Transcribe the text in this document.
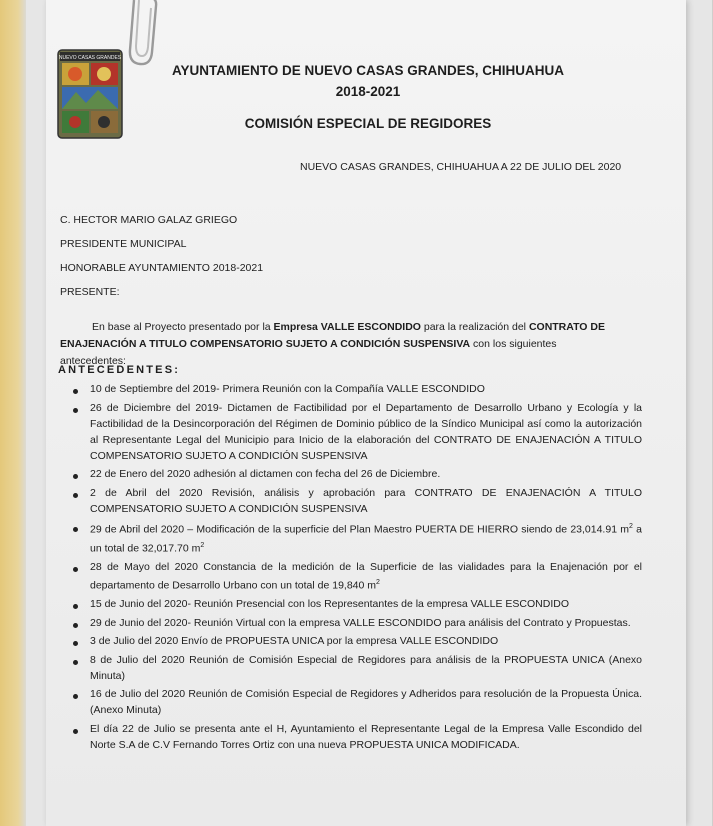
NUEVO CASAS GRANDES
AYUNTAMIENTO DE NUEVO CASAS GRANDES, CHIHUAHUA
2018-2021
COMISIÓN ESPECIAL DE REGIDORES
NUEVO CASAS GRANDES, CHIHUAHUA A 22 DE JULIO DEL 2020
C. HECTOR MARIO GALAZ GRIEGO
PRESIDENTE MUNICIPAL
HONORABLE AYUNTAMIENTO 2018-2021
PRESENTE:
En base al Proyecto presentado por la Empresa VALLE ESCONDIDO para la realización del CONTRATO DE ENAJENACIÓN A TITULO COMPENSATORIO SUJETO A CONDICIÓN SUSPENSIVA con los siguientes antecedentes:
ANTECEDENTES:
10 de Septiembre del 2019- Primera Reunión con la Compañía VALLE ESCONDIDO
26 de Diciembre del 2019- Dictamen de Factibilidad por el Departamento de Desarrollo Urbano y Ecología y la Factibilidad de la Desincorporación del Régimen de Dominio público de la Síndico Municipal así como la autorización al Representante Legal del Municipio para Inicio de la elaboración del CONTRATO DE ENAJENACIÓN A TITULO COMPENSATORIO SUJETO A CONDICIÓN SUSPENSIVA
22 de Enero del 2020 adhesión al dictamen con fecha del 26 de Diciembre.
2 de Abril del 2020 Revisión, análisis y aprobación para CONTRATO DE ENAJENACIÓN A TITULO COMPENSATORIO SUJETO A CONDICIÓN SUSPENSIVA
29 de Abril del 2020 – Modificación de la superficie del Plan Maestro PUERTA DE HIERRO siendo de 23,014.91 $m^2$ a un total de 32,017.70 $m^2$
28 de Mayo del 2020 Constancia de la medición de la Superficie de las vialidades para la Enajenación por el departamento de Desarrollo Urbano con un total de 19,840 $m^2$
15 de Junio del 2020- Reunión Presencial con los Representantes de la empresa VALLE ESCONDIDO
29 de Junio del 2020- Reunión Virtual con la empresa VALLE ESCONDIDO para análisis del Contrato y Propuestas.
3 de Julio del 2020 Envío de PROPUESTA UNICA por la empresa VALLE ESCONDIDO
8 de Julio del 2020 Reunión de Comisión Especial de Regidores para análisis de la PROPUESTA UNICA (Anexo Minuta)
16 de Julio del 2020 Reunión de Comisión Especial de Regidores y Adheridos para resolución de la Propuesta Única. (Anexo Minuta)
El día 22 de Julio se presenta ante el H, Ayuntamiento el Representante Legal de la Empresa Valle Escondido del Norte S.A de C.V Fernando Torres Ortiz con una nueva PROPUESTA UNICA MODIFICADA.
